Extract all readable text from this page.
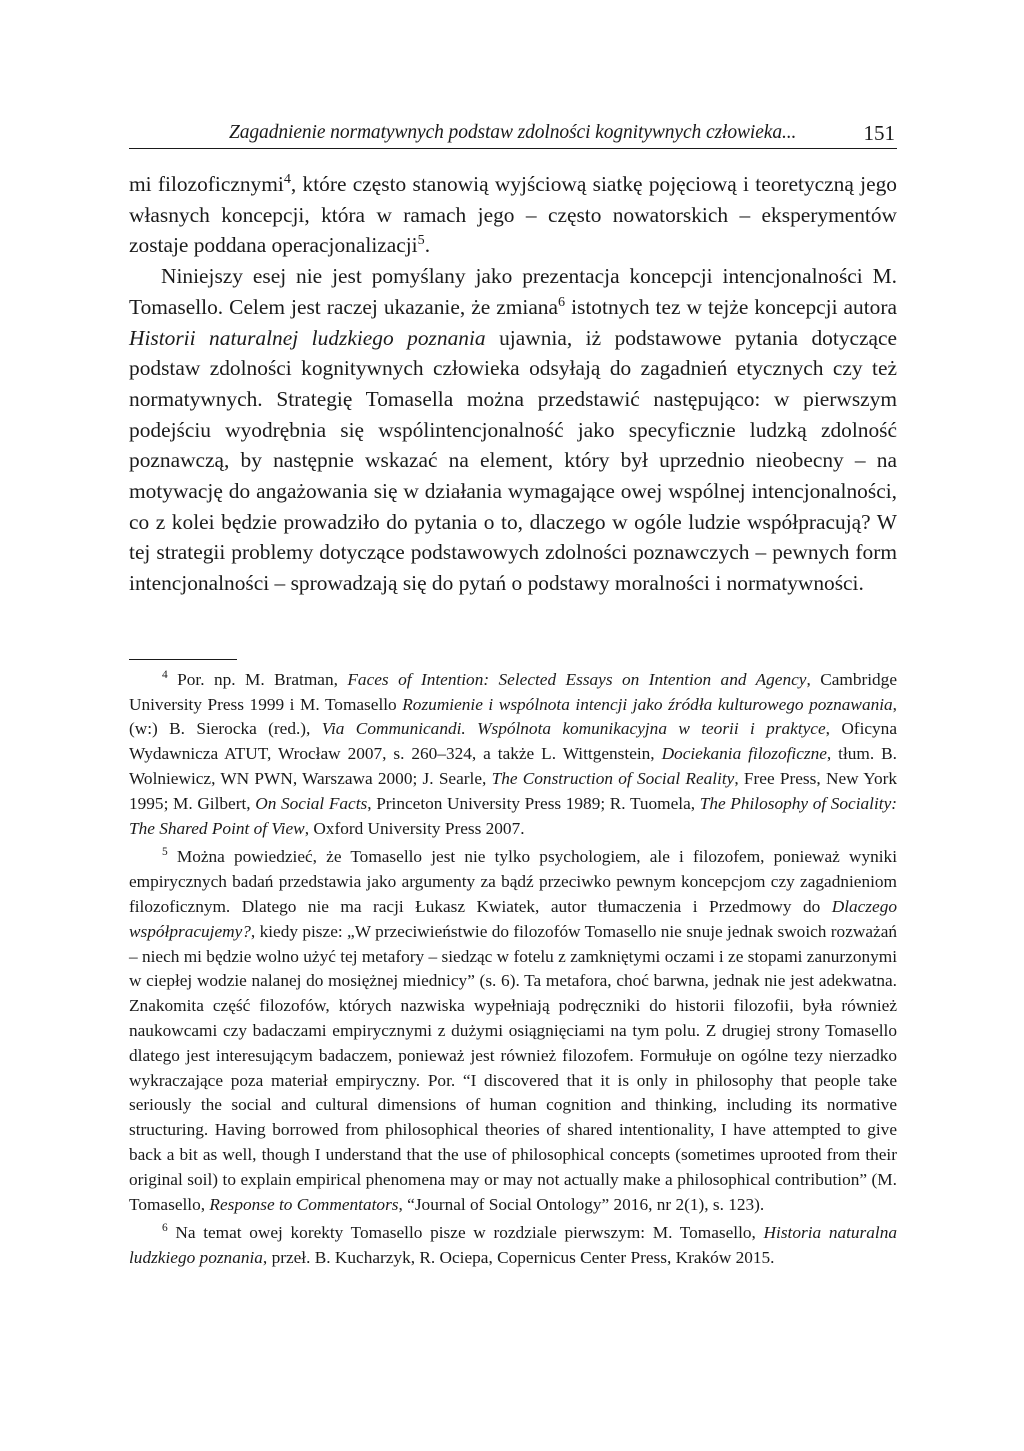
Zagadnienie normatywnych podstaw zdolności kognitywnych człowieka...	151

mi filozoficznymi$^4$, które często stanowią wyjściową siatkę pojęciową i teoretyczną jego własnych koncepcji, która w ramach jego – często nowatorskich – eksperymentów zostaje poddana operacjonalizacji$^5$.

Niniejszy esej nie jest pomyślany jako prezentacja koncepcji intencjonalności M. Tomasello. Celem jest raczej ukazanie, że zmiana$^6$ istotnych tez w tejże koncepcji autora Historii naturalnej ludzkiego poznania ujawnia, iż podstawowe pytania dotyczące podstaw zdolności kognitywnych człowieka odsyłają do zagadnień etycznych czy też normatywnych. Strategię Tomasella można przedstawić następująco: w pierwszym podejściu wyodrębnia się wspólintencjonalność jako specyficznie ludzką zdolność poznawczą, by następnie wskazać na element, który był uprzednio nieobecny – na motywację do angażowania się w działania wymagające owej wspólnej intencjonalności, co z kolei będzie prowadziło do pytania o to, dlaczego w ogóle ludzie współpracują? W tej strategii problemy dotyczące podstawowych zdolności poznawczych – pewnych form intencjonalności – sprowadzają się do pytań o podstawy moralności i normatywności.

$^4$ Por. np. M. Bratman, Faces of Intention: Selected Essays on Intention and Agency, Cambridge University Press 1999 i M. Tomasello Rozumienie i wspólnota intencji jako źródła kulturowego poznawania, (w:) B. Sierocka (red.), Via Communicandi. Wspólnota komunikacyjna w teorii i praktyce, Oficyna Wydawnicza ATUT, Wrocław 2007, s. 260–324, a także L. Wittgenstein, Dociekania filozoficzne, tłum. B. Wolniewicz, WN PWN, Warszawa 2000; J. Searle, The Construction of Social Reality, Free Press, New York 1995; M. Gilbert, On Social Facts, Princeton University Press 1989; R. Tuomela, The Philosophy of Sociality: The Shared Point of View, Oxford University Press 2007.

$^5$ Można powiedzieć, że Tomasello jest nie tylko psychologiem, ale i filozofem, ponieważ wyniki empirycznych badań przedstawia jako argumenty za bądź przeciwko pewnym koncepcjom czy zagadnieniom filozoficznym. Dlatego nie ma racji Łukasz Kwiatek, autor tłumaczenia i Przedmowy do Dlaczego współpracujemy?, kiedy pisze: „W przeciwieństwie do filozofów Tomasello nie snuje jednak swoich rozważań – niech mi będzie wolno użyć tej metafory – siedząc w fotelu z zamkniętymi oczami i ze stopami zanurzonymi w ciepłej wodzie nalanej do mosiężnej miednicy” (s. 6). Ta metafora, choć barwna, jednak nie jest adekwatna. Znakomita część filozofów, których nazwiska wypełniają podręczniki do historii filozofii, była również naukowcami czy badaczami empirycznymi z dużymi osiągnięciami na tym polu. Z drugiej strony Tomasello dlatego jest interesującym badaczem, ponieważ jest również filozofem. Formułuje on ogólne tezy nierzadko wykraczające poza materiał empiryczny. Por. “I discovered that it is only in philosophy that people take seriously the social and cultural dimensions of human cognition and thinking, including its normative structuring. Having borrowed from philosophical theories of shared intentionality, I have attempted to give back a bit as well, though I understand that the use of philosophical concepts (sometimes uprooted from their original soil) to explain empirical phenomena may or may not actually make a philosophical contribution” (M. Tomasello, Response to Commentators, “Journal of Social Ontology” 2016, nr 2(1), s. 123).

$^6$ Na temat owej korekty Tomasello pisze w rozdziale pierwszym: M. Tomasello, Historia naturalna ludzkiego poznania, przeł. B. Kucharzyk, R. Ociepa, Copernicus Center Press, Kraków 2015.
